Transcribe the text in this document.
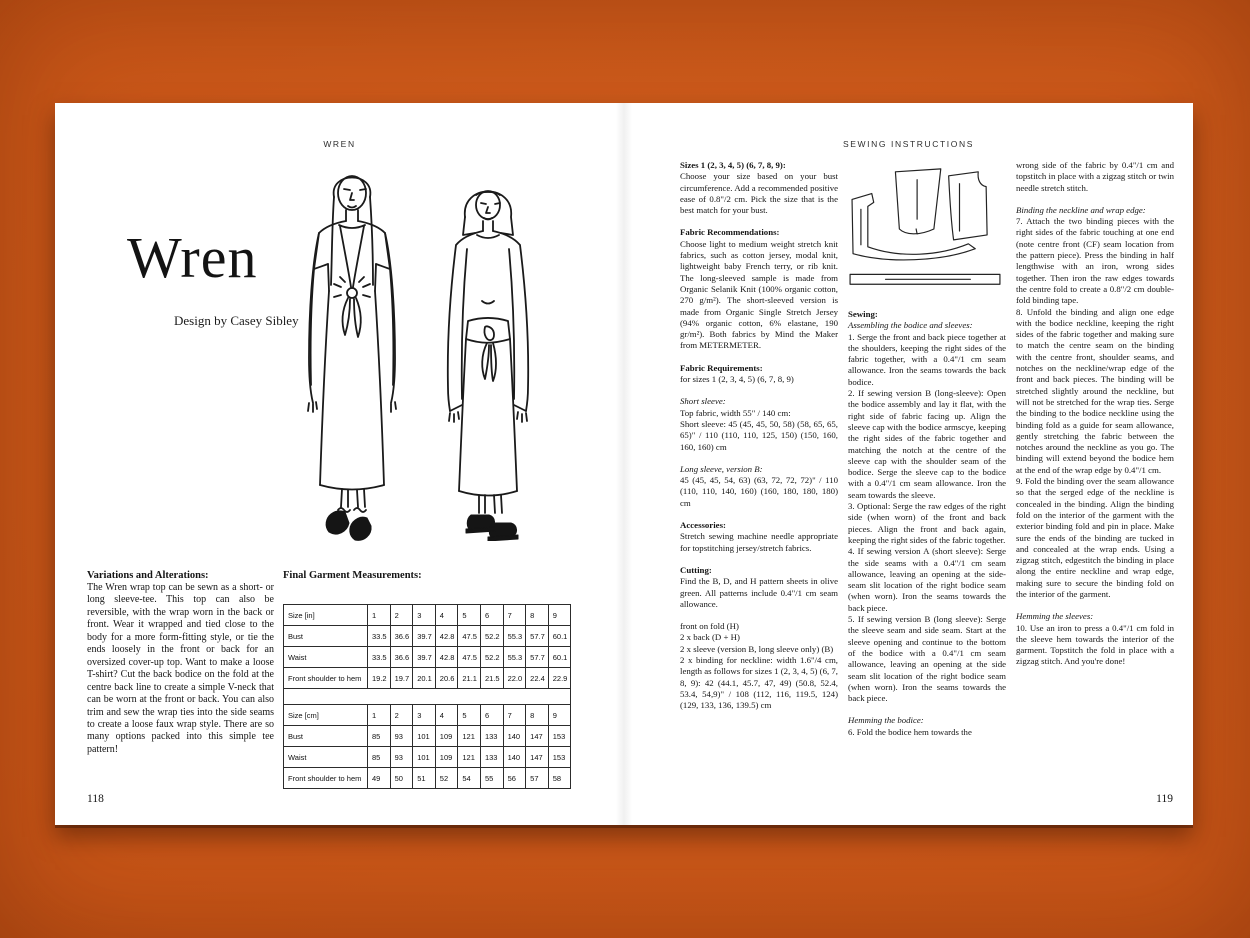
WREN
Wren
Design by Casey Sibley
Variations and Alterations:

The Wren wrap top can be sewn as a short- or long sleeve-tee. This top can also be reversible, with the wrap worn in the back or front. Wear it wrapped and tied close to the body for a more form-fitting style, or tie the ends loosely in the front or back for an oversized cover-up top. Want to make a loose T-shirt? Cut the back bodice on the fold at the centre back line to create a simple V-neck that can be worn at the front or back. You can also trim and sew the wrap ties into the side seams to create a loose faux wrap style. There are so many options packed into this simple tee pattern!

Final Garment Measurements:
Size [in]	1	2	3	4	5	6	7	8	9
Bust	33.5	36.6	39.7	42.8	47.5	52.2	55.3	57.7	60.1
Waist	33.5	36.6	39.7	42.8	47.5	52.2	55.3	57.7	60.1
Front shoulder to hem	19.2	19.7	20.1	20.6	21.1	21.5	22.0	22.4	22.9

Size [cm]	1	2	3	4	5	6	7	8	9
Bust	85	93	101	109	121	133	140	147	153
Waist	85	93	101	109	121	133	140	147	153
Front shoulder to hem	49	50	51	52	54	55	56	57	58
118
SEWING INSTRUCTIONS

Sizes 1 (2, 3, 4, 5) (6, 7, 8, 9):

Choose your size based on your bust circumference. Add a recommended positive ease of 0.8"/2 cm. Pick the size that is the best match for your bust.

Fabric Recommendations:

Choose light to medium weight stretch knit fabrics, such as cotton jersey, modal knit, lightweight baby French terry, or rib knit. The long-sleeved sample is made from Organic Selanik Knit (100% organic cotton, 270 g/m²). The short-sleeved version is made from Organic Single Stretch Jersey (94% organic cotton, 6% elastane, 190 gr/m²). Both fabrics by Mind the Maker from METERMETER.

Fabric Requirements:

for sizes 1 (2, 3, 4, 5) (6, 7, 8, 9)

Short sleeve:

Top fabric, width 55" / 140 cm:

Short sleeve: 45 (45, 45, 50, 58) (58, 65, 65, 65)" / 110 (110, 110, 125, 150) (150, 160, 160, 160) cm

Long sleeve, version B:

45 (45, 45, 54, 63) (63, 72, 72, 72)" / 110 (110, 110, 140, 160) (160, 180, 180, 180) cm

Accessories:

Stretch sewing machine needle appropriate for topstitching jersey/stretch fabrics.

Cutting:

Find the B, D, and H pattern sheets in olive green. All patterns include 0.4"/1 cm seam allowance.

front on fold (H)

2 x back (D + H)

2 x sleeve (version B, long sleeve only) (B)

2 x binding for neckline: width 1.6"/4 cm, length as follows for sizes 1 (2, 3, 4, 5) (6, 7, 8, 9): 42 (44.1, 45.7, 47, 49) (50.8, 52.4, 53.4, 54,9)" / 108 (112, 116, 119.5, 124) (129, 133, 136, 139.5) cm

Sewing:

Assembling the bodice and sleeves:

1. Serge the front and back piece together at the shoulders, keeping the right sides of the fabric together, with a 0.4"/1 cm seam allowance. Iron the seams towards the back bodice.

2. If sewing version B (long-sleeve): Open the bodice assembly and lay it flat, with the right side of fabric facing up. Align the sleeve cap with the bodice armscye, keeping the right sides of the fabric together and matching the notch at the centre of the sleeve cap with the shoulder seam of the bodice. Serge the sleeve cap to the bodice with a 0.4"/1 cm seam allowance. Iron the seam towards the sleeve.

3. Optional: Serge the raw edges of the right side (when worn) of the front and back pieces. Align the front and back again, keeping the right sides of the fabric together.

4. If sewing version A (short sleeve): Serge the side seams with a 0.4"/1 cm seam allowance, leaving an opening at the side-seam slit location of the right bodice seam (when worn). Iron the seams towards the back piece.

5. If sewing version B (long sleeve): Serge the sleeve seam and side seam. Start at the sleeve opening and continue to the bottom of the bodice with a 0.4"/1 cm seam allowance, leaving an opening at the side seam slit location of the right bodice seam (when worn). Iron the seams towards the back piece.

Hemming the bodice:

6. Fold the bodice hem towards the

wrong side of the fabric by 0.4"/1 cm and topstitch in place with a zigzag stitch or twin needle stretch stitch.

Binding the neckline and wrap edge:

7. Attach the two binding pieces with the right sides of the fabric touching at one end (note centre front (CF) seam location from the pattern piece). Press the binding in half lengthwise with an iron, wrong sides together. Then iron the raw edges towards the centre fold to create a 0.8"/2 cm double-fold binding tape.

8. Unfold the binding and align one edge with the bodice neckline, keeping the right sides of the fabric together and making sure to match the centre seam on the binding with the centre front, shoulder seams, and notches on the neckline/wrap edge of the front and back pieces. The binding will be stretched slightly around the neckline, but will not be stretched for the wrap ties. Serge the binding to the bodice neckline using the binding fold as a guide for seam allowance, gently stretching the fabric between the notches around the neckline as you go. The binding will extend beyond the bodice hem at the end of the wrap edge by 0.4"/1 cm.

9. Fold the binding over the seam allowance so that the serged edge of the neckline is concealed in the binding. Align the binding fold on the interior of the garment with the exterior binding fold and pin in place. Make sure the ends of the binding are tucked in and concealed at the wrap ends. Using a zigzag stitch, edgestitch the binding in place along the entire neckline and wrap edge, making sure to secure the binding fold on the interior of the garment.

Hemming the sleeves:

10. Use an iron to press a 0.4"/1 cm fold in the sleeve hem towards the interior of the garment. Topstitch the fold in place with a zigzag stitch. And you're done!

119
